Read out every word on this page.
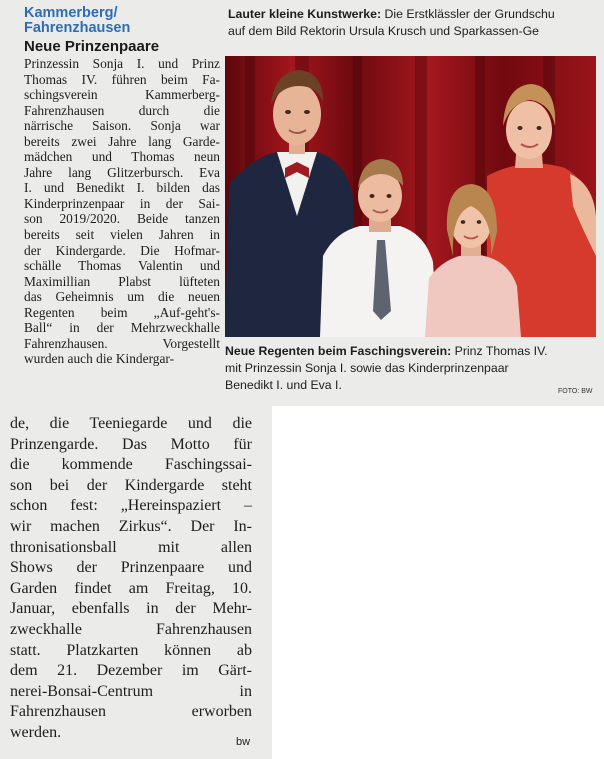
Kammerberg/
Fahrenzhausen
Neue Prinzenpaare

Prinzessin Sonja I. und Prinz

Thomas IV. führen beim Fa-

schingsverein Kammerberg-

Fahrenzhausen durch die

närrische Saison. Sonja war

bereits zwei Jahre lang Garde-

mädchen und Thomas neun

Jahre lang Glitzerbursch. Eva

I. und Benedikt I. bilden das

Kinderprinzenpaar in der Sai-

son 2019/2020. Beide tanzen

bereits seit vielen Jahren in

der Kindergarde. Die Hofmar-

schälle Thomas Valentin und

Maximillian Plabst lüfteten

das Geheimnis um die neuen

Regenten beim „Auf-geht's-

Ball“ in der Mehrzweckhalle

Fahrenzhausen. Vorgestellt

wurden auch die Kindergar-

Lauter kleine Kunstwerke: Die Erstklässler der Grundschu
auf dem Bild Rektorin Ursula Krusch und Sparkassen-Ge
Neue Regenten beim Faschingsverein: Prinz Thomas IV.
mit Prinzessin Sonja I. sowie das Kinderprinzenpaar
Benedikt I. und Eva I.	FOTO: BW

de, die Teeniegarde und die

Prinzengarde. Das Motto für

die kommende Faschingssai-

son bei der Kindergarde steht

schon fest: „Hereinspaziert –

wir machen Zirkus“. Der In-

thronisationsball mit allen

Shows der Prinzenpaare und

Garden findet am Freitag, 10.

Januar, ebenfalls in der Mehr-

zweckhalle Fahrenzhausen

statt. Platzkarten können ab

dem 21. Dezember im Gärt-

nerei-Bonsai-Centrum in

Fahrenzhausen erworben

werden.

bw
